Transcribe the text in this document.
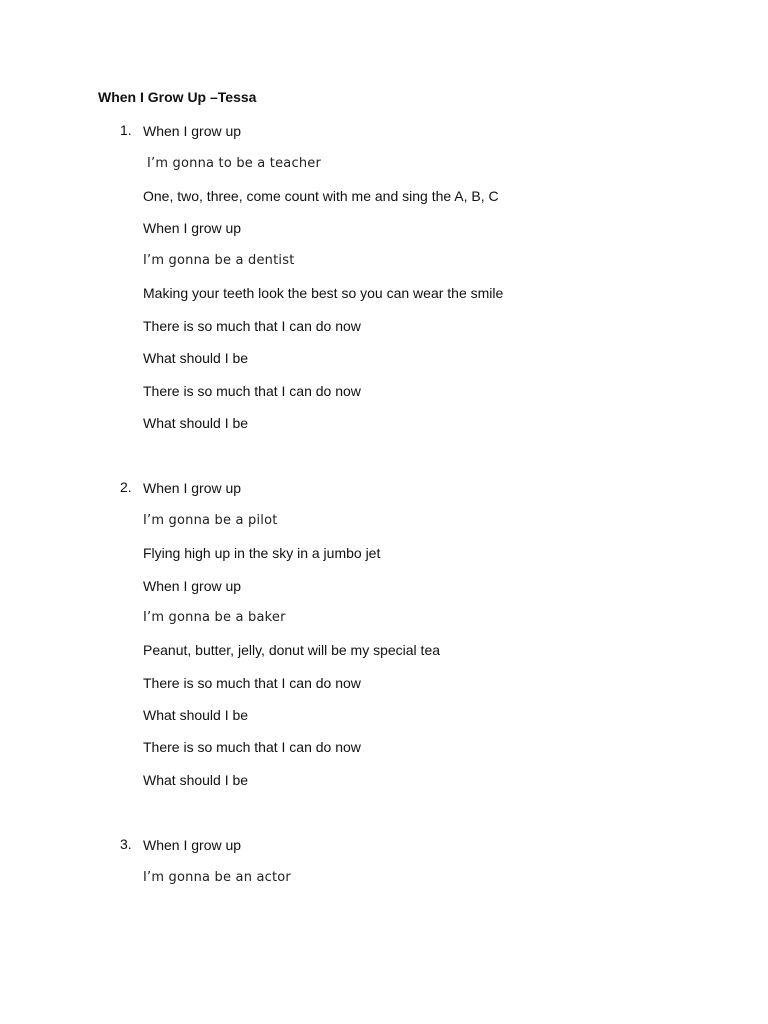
When I Grow Up –Tessa
1. When I grow up
I’m gonna to be a teacher
One, two, three, come count with me and sing the A, B, C
When I grow up
I’m gonna be a dentist
Making your teeth look the best so you can wear the smile
There is so much that I can do now
What should I be
There is so much that I can do now
What should I be
2. When I grow up
I’m gonna be a pilot
Flying high up in the sky in a jumbo jet
When I grow up
I’m gonna be a baker
Peanut, butter, jelly, donut will be my special tea
There is so much that I can do now
What should I be
There is so much that I can do now
What should I be
3. When I grow up
I’m gonna be an actor
